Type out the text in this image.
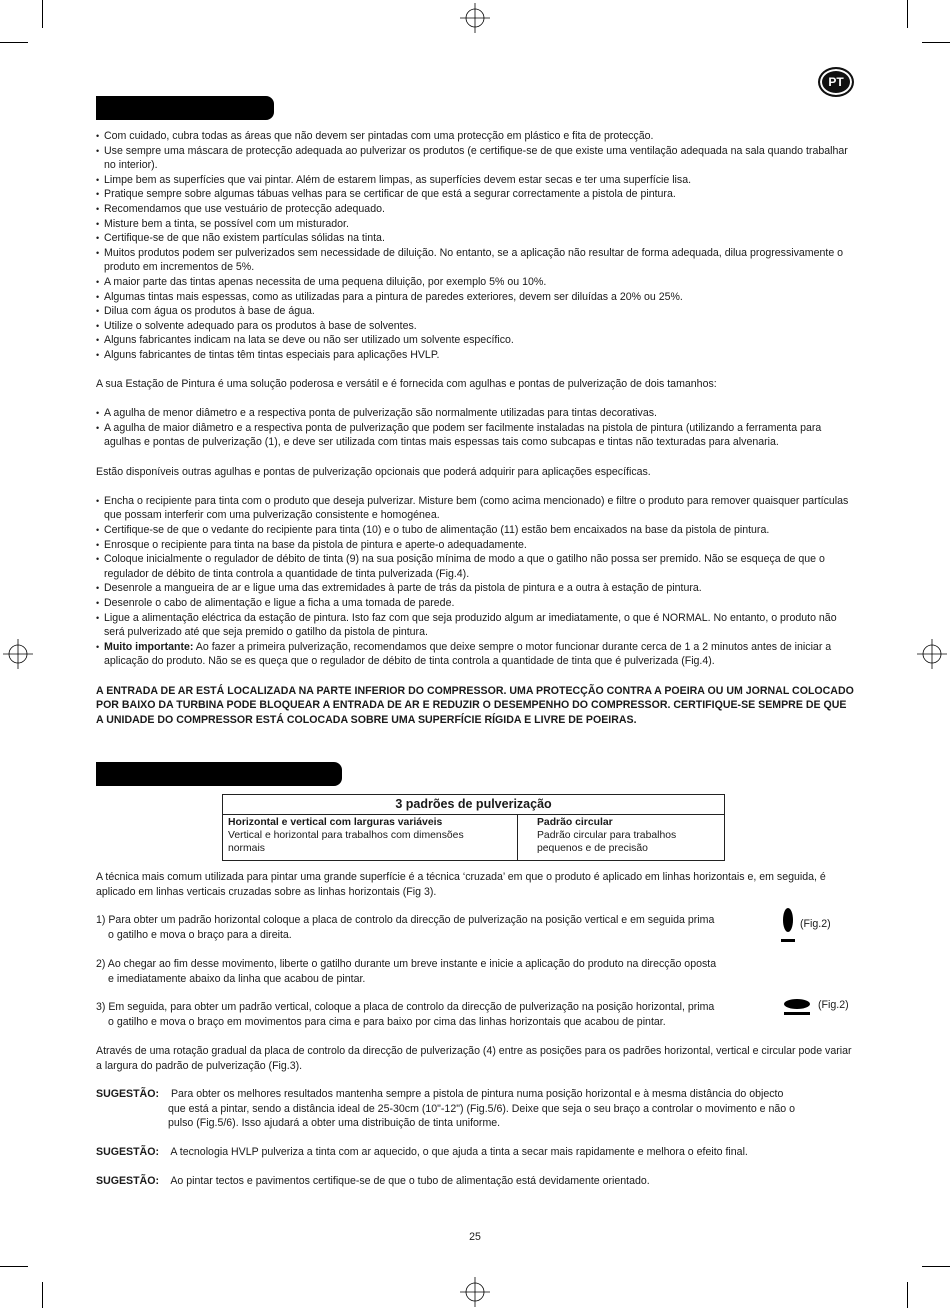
PT
• Com cuidado, cubra todas as áreas que não devem ser pintadas com uma protecção em plástico e fita de protecção.
• Use sempre uma máscara de protecção adequada ao pulverizar os produtos (e certifique-se de que existe uma ventilação adequada na sala quando trabalhar no interior).
• Limpe bem as superfícies que vai pintar. Além de estarem limpas, as superfícies devem estar secas e ter uma superfície lisa.
• Pratique sempre sobre algumas tábuas velhas para se certificar de que está a segurar correctamente a pistola de pintura.
• Recomendamos que use vestuário de protecção adequado.
• Misture bem a tinta, se possível com um misturador.
• Certifique-se de que não existem partículas sólidas na tinta.
• Muitos produtos podem ser pulverizados sem necessidade de diluição. No entanto, se a aplicação não resultar de forma adequada, dilua progressivamente o produto em incrementos de 5%.
• A maior parte das tintas apenas necessita de uma pequena diluição, por exemplo 5% ou 10%.
• Algumas tintas mais espessas, como as utilizadas para a pintura de paredes exteriores, devem ser diluídas a 20% ou 25%.
• Dilua com água os produtos à base de água.
• Utilize o solvente adequado para os produtos à base de solventes.
• Alguns fabricantes indicam na lata se deve ou não ser utilizado um solvente específico.
• Alguns fabricantes de tintas têm tintas especiais para aplicações HVLP.

A sua Estação de Pintura é uma solução poderosa e versátil e é fornecida com agulhas e pontas de pulverização de dois tamanhos:

• A agulha de menor diâmetro e a respectiva ponta de pulverização são normalmente utilizadas para tintas decorativas.
• A agulha de maior diâmetro e a respectiva ponta de pulverização que podem ser facilmente instaladas na pistola de pintura (utilizando a ferramenta para agulhas e pontas de pulverização (1), e deve ser utilizada com tintas mais espessas tais como subcapas e tintas não texturadas para alvenaria.

Estão disponíveis outras agulhas e pontas de pulverização opcionais que poderá adquirir para aplicações específicas.

• Encha o recipiente para tinta com o produto que deseja pulverizar. Misture bem (como acima mencionado) e filtre o produto para remover quaisquer partículas que possam interferir com uma pulverização consistente e homogénea.
• Certifique-se de que o vedante do recipiente para tinta (10) e o tubo de alimentação (11) estão bem encaixados na base da pistola de pintura.
• Enrosque o recipiente para tinta na base da pistola de pintura e aperte-o adequadamente.
• Coloque inicialmente o regulador de débito de tinta (9) na sua posição mínima de modo a que o gatilho não possa ser premido. Não se esqueça de que o regulador de débito de tinta controla a quantidade de tinta pulverizada (Fig.4).
• Desenrole a mangueira de ar e ligue uma das extremidades à parte de trás da pistola de pintura e a outra à estação de pintura.
• Desenrole o cabo de alimentação e ligue a ficha a uma tomada de parede.
• Ligue a alimentação eléctrica da estação de pintura. Isto faz com que seja produzido algum ar imediatamente, o que é NORMAL. No entanto, o produto não será pulverizado até que seja premido o gatilho da pistola de pintura.
• Muito importante: Ao fazer a primeira pulverização, recomendamos que deixe sempre o motor funcionar durante cerca de 1 a 2 minutos antes de iniciar a aplicação do produto. Não se es queça que o regulador de débito de tinta controla a quantidade de tinta que é pulverizada (Fig.4).

A ENTRADA DE AR ESTÁ LOCALIZADA NA PARTE INFERIOR DO COMPRESSOR. UMA PROTECÇÃO CONTRA A POEIRA OU UM JORNAL COLOCADO POR BAIXO DA TURBINA PODE BLOQUEAR A ENTRADA DE AR E REDUZIR O DESEMPENHO DO COMPRESSOR. CERTIFIQUE-SE SEMPRE DE QUE A UNIDADE DO COMPRESSOR ESTÁ COLOCADA SOBRE UMA SUPERFÍCIE RÍGIDA E LIVRE DE POEIRAS.

3 padrões de pulverização
Horizontal e vertical com larguras variáveis
Vertical e horizontal para trabalhos com dimensões
normais
Padrão circular
Padrão circular para trabalhos
pequenos e de precisão
A técnica mais comum utilizada para pintar uma grande superfície é a técnica ‘cruzada’ em que o produto é aplicado em linhas horizontais e, em seguida, é aplicado em linhas verticais cruzadas sobre as linhas horizontais (Fig 3).
1) Para obter um padrão horizontal coloque a placa de controlo da direcção de pulverização na posição vertical e em seguida prima
o gatilho e mova o braço para a direita.
(Fig.2)
2) Ao chegar ao fim desse movimento, liberte o gatilho durante um breve instante e inicie a aplicação do produto na direcção oposta
e imediatamente abaixo da linha que acabou de pintar.
3) Em seguida, para obter um padrão vertical, coloque a placa de controlo da direcção de pulverização na posição horizontal, prima
o gatilho e mova o braço em movimentos para cima e para baixo por cima das linhas horizontais que acabou de pintar.
(Fig.2)
Através de uma rotação gradual da placa de controlo da direcção de pulverização (4) entre as posições para os padrões horizontal, vertical e circular pode variar a largura do padrão de pulverização (Fig.3).
SUGESTÃO: Para obter os melhores resultados mantenha sempre a pistola de pintura numa posição horizontal e à mesma distância do objecto
que está a pintar, sendo a distância ideal de 25-30cm (10"-12") (Fig.5/6). Deixe que seja o seu braço a controlar o movimento e não o
pulso (Fig.5/6). Isso ajudará a obter uma distribuição de tinta uniforme.
SUGESTÃO: A tecnologia HVLP pulveriza a tinta com ar aquecido, o que ajuda a tinta a secar mais rapidamente e melhora o efeito final.
SUGESTÃO: Ao pintar tectos e pavimentos certifique-se de que o tubo de alimentação está devidamente orientado.
25
